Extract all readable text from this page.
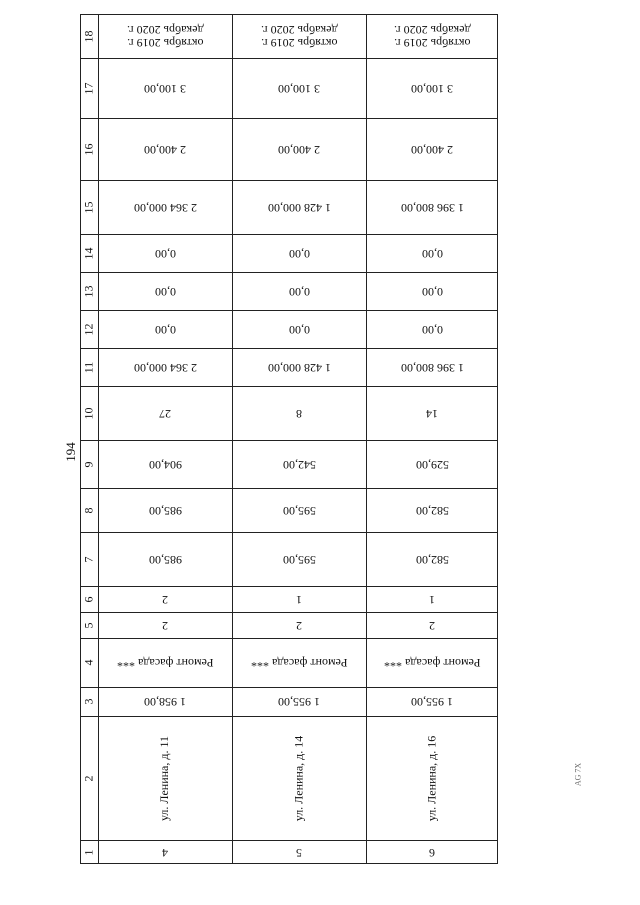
194
AG 7X
18
17
16
15
14
13
12
11
10
9
8
7
6
5
4
3
2
1
октябрь 2019 г.
декабрь 2020 г.
3 100,00
2 400,00
2 364 000,00
0,00
0,00
0,00
2 364 000,00
27
904,00
985,00
985,00
2
2
Ремонт фасада ***
1 958,00
ул. Ленина, д. 11
4
октябрь 2019 г.
декабрь 2020 г.
3 100,00
2 400,00
1 428 000,00
0,00
0,00
0,00
1 428 000,00
8
542,00
595,00
595,00
1
2
Ремонт фасада ***
1 955,00
ул. Ленина, д. 14
5
октябрь 2019 г.
декабрь 2020 г.
3 100,00
2 400,00
1 396 800,00
0,00
0,00
0,00
1 396 800,00
14
529,00
582,00
582,00
1
2
Ремонт фасада ***
1 955,00
ул. Ленина, д. 16
6
